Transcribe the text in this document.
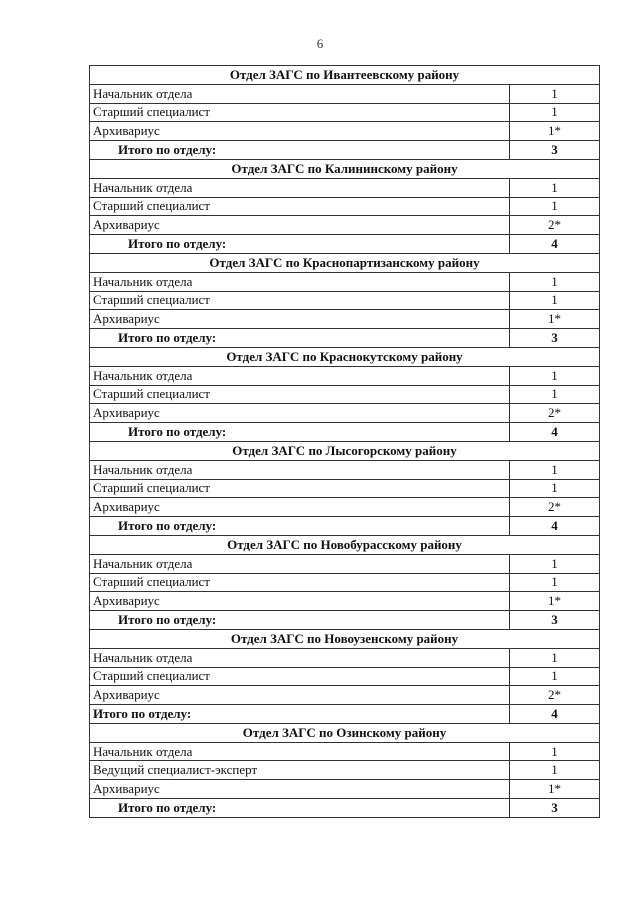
6
Отдел ЗАГС по Ивантеевскому району	
Начальник отдела	1
Старший специалист	1
Архивариус	1*
Итого по отделу:	3
Отдел ЗАГС по Калининскому району	
Начальник отдела	1
Старший специалист	1
Архивариус	2*
Итого по отделу:	4
Отдел ЗАГС по Краснопартизанскому району	
Начальник отдела	1
Старший специалист	1
Архивариус	1*
Итого по отделу:	3
Отдел ЗАГС по Краснокутскому району	
Начальник отдела	1
Старший специалист	1
Архивариус	2*
Итого по отделу:	4
Отдел ЗАГС по Лысогорскому району	
Начальник отдела	1
Старший специалист	1
Архивариус	2*
Итого по отделу:	4
Отдел ЗАГС по Новобурасскому району	
Начальник отдела	1
Старший специалист	1
Архивариус	1*
Итого по отделу:	3
Отдел ЗАГС по Новоузенскому району	
Начальник отдела	1
Старший специалист	1
Архивариус	2*
Итого по отделу:	4
Отдел ЗАГС по Озинскому району	
Начальник отдела	1
Ведущий специалист-эксперт	1
Архивариус	1*
Итого по отделу:	3
